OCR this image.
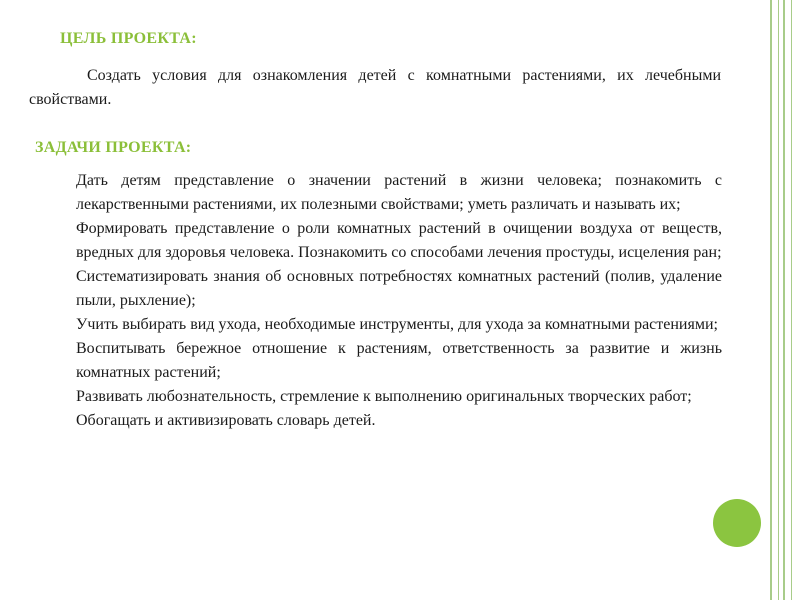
ЦЕЛЬ ПРОЕКТА:

Создать условия для ознакомления детей с комнатными растениями, их лечебными свойствами.

ЗАДАЧИ ПРОЕКТА:
Дать детям представление о значении растений в жизни человека; познакомить с лекарственными растениями, их полезными свойствами; уметь различать и называть их;
Формировать представление о роли комнатных растений в очищении воздуха от веществ, вредных для здоровья человека. Познакомить со способами лечения простуды, исцеления ран;
Систематизировать знания об основных потребностях комнатных растений (полив, удаление пыли, рыхление);
Учить выбирать вид ухода, необходимые инструменты, для ухода за комнатными растениями;
Воспитывать бережное отношение к растениям, ответственность за развитие и жизнь комнатных растений;
Развивать любознательность, стремление к выполнению оригинальных творческих работ;
Обогащать и активизировать словарь детей.
